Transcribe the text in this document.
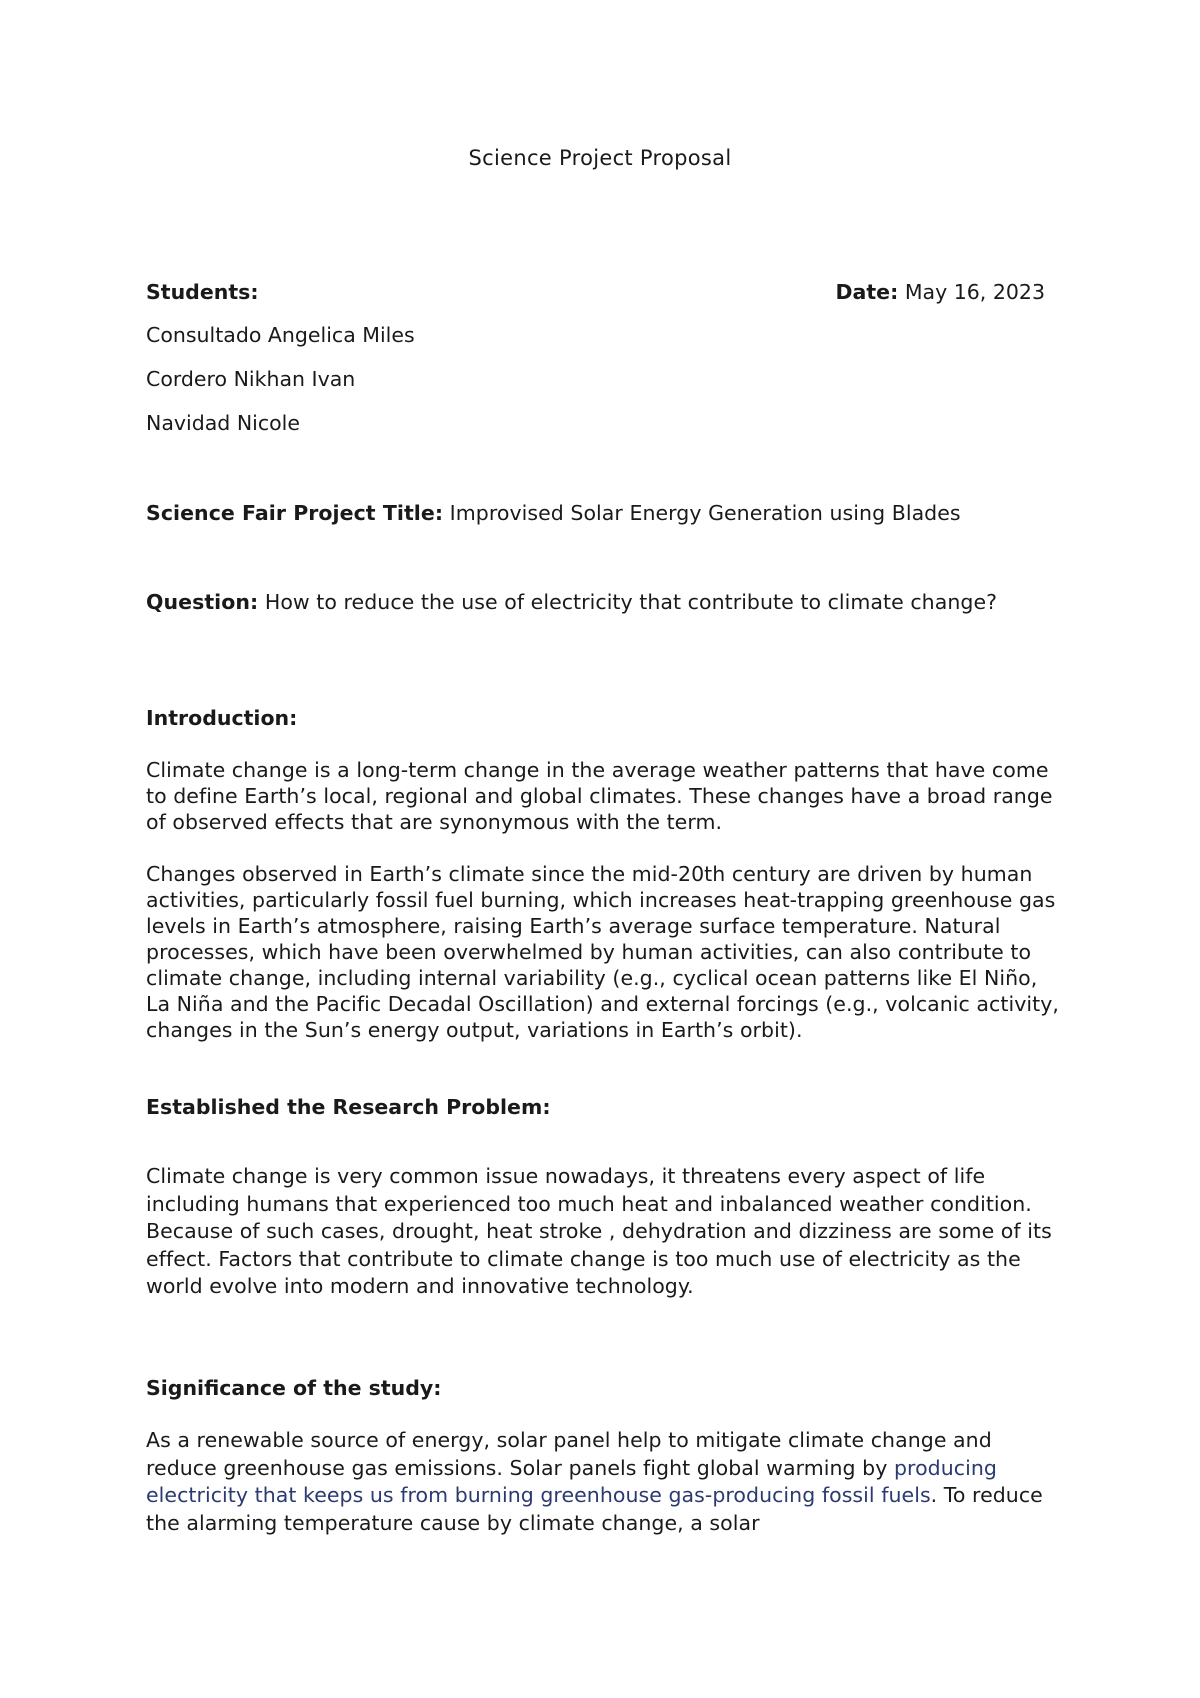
Science Project Proposal
Students:	Date: May 16, 2023
Consultado Angelica Miles
Cordero Nikhan Ivan
Navidad Nicole
Science Fair Project Title: Improvised Solar Energy Generation using Blades
Question: How to reduce the use of electricity that contribute to climate change?
Introduction:
Climate change is a long-term change in the average weather patterns that have come to define Earth’s local, regional and global climates. These changes have a broad range of observed effects that are synonymous with the term.
Changes observed in Earth’s climate since the mid-20th century are driven by human activities, particularly fossil fuel burning, which increases heat-trapping greenhouse gas levels in Earth’s atmosphere, raising Earth’s average surface temperature. Natural processes, which have been overwhelmed by human activities, can also contribute to climate change, including internal variability (e.g., cyclical ocean patterns like El Niño, La Niña and the Pacific Decadal Oscillation) and external forcings (e.g., volcanic activity, changes in the Sun’s energy output, variations in Earth’s orbit).
Established the Research Problem:
Climate change is very common issue nowadays, it threatens every aspect of life including humans that experienced too much heat and inbalanced weather condition. Because of such cases, drought, heat stroke , dehydration and dizziness are some of its effect. Factors that contribute to climate change is too much use of electricity as the world evolve into modern and innovative technology.
Significance of the study:
As a renewable source of energy, solar panel help to mitigate climate change and reduce greenhouse gas emissions. Solar panels fight global warming by producing electricity that keeps us from burning greenhouse gas-producing fossil fuels. To reduce the alarming temperature cause by climate change, a solar
